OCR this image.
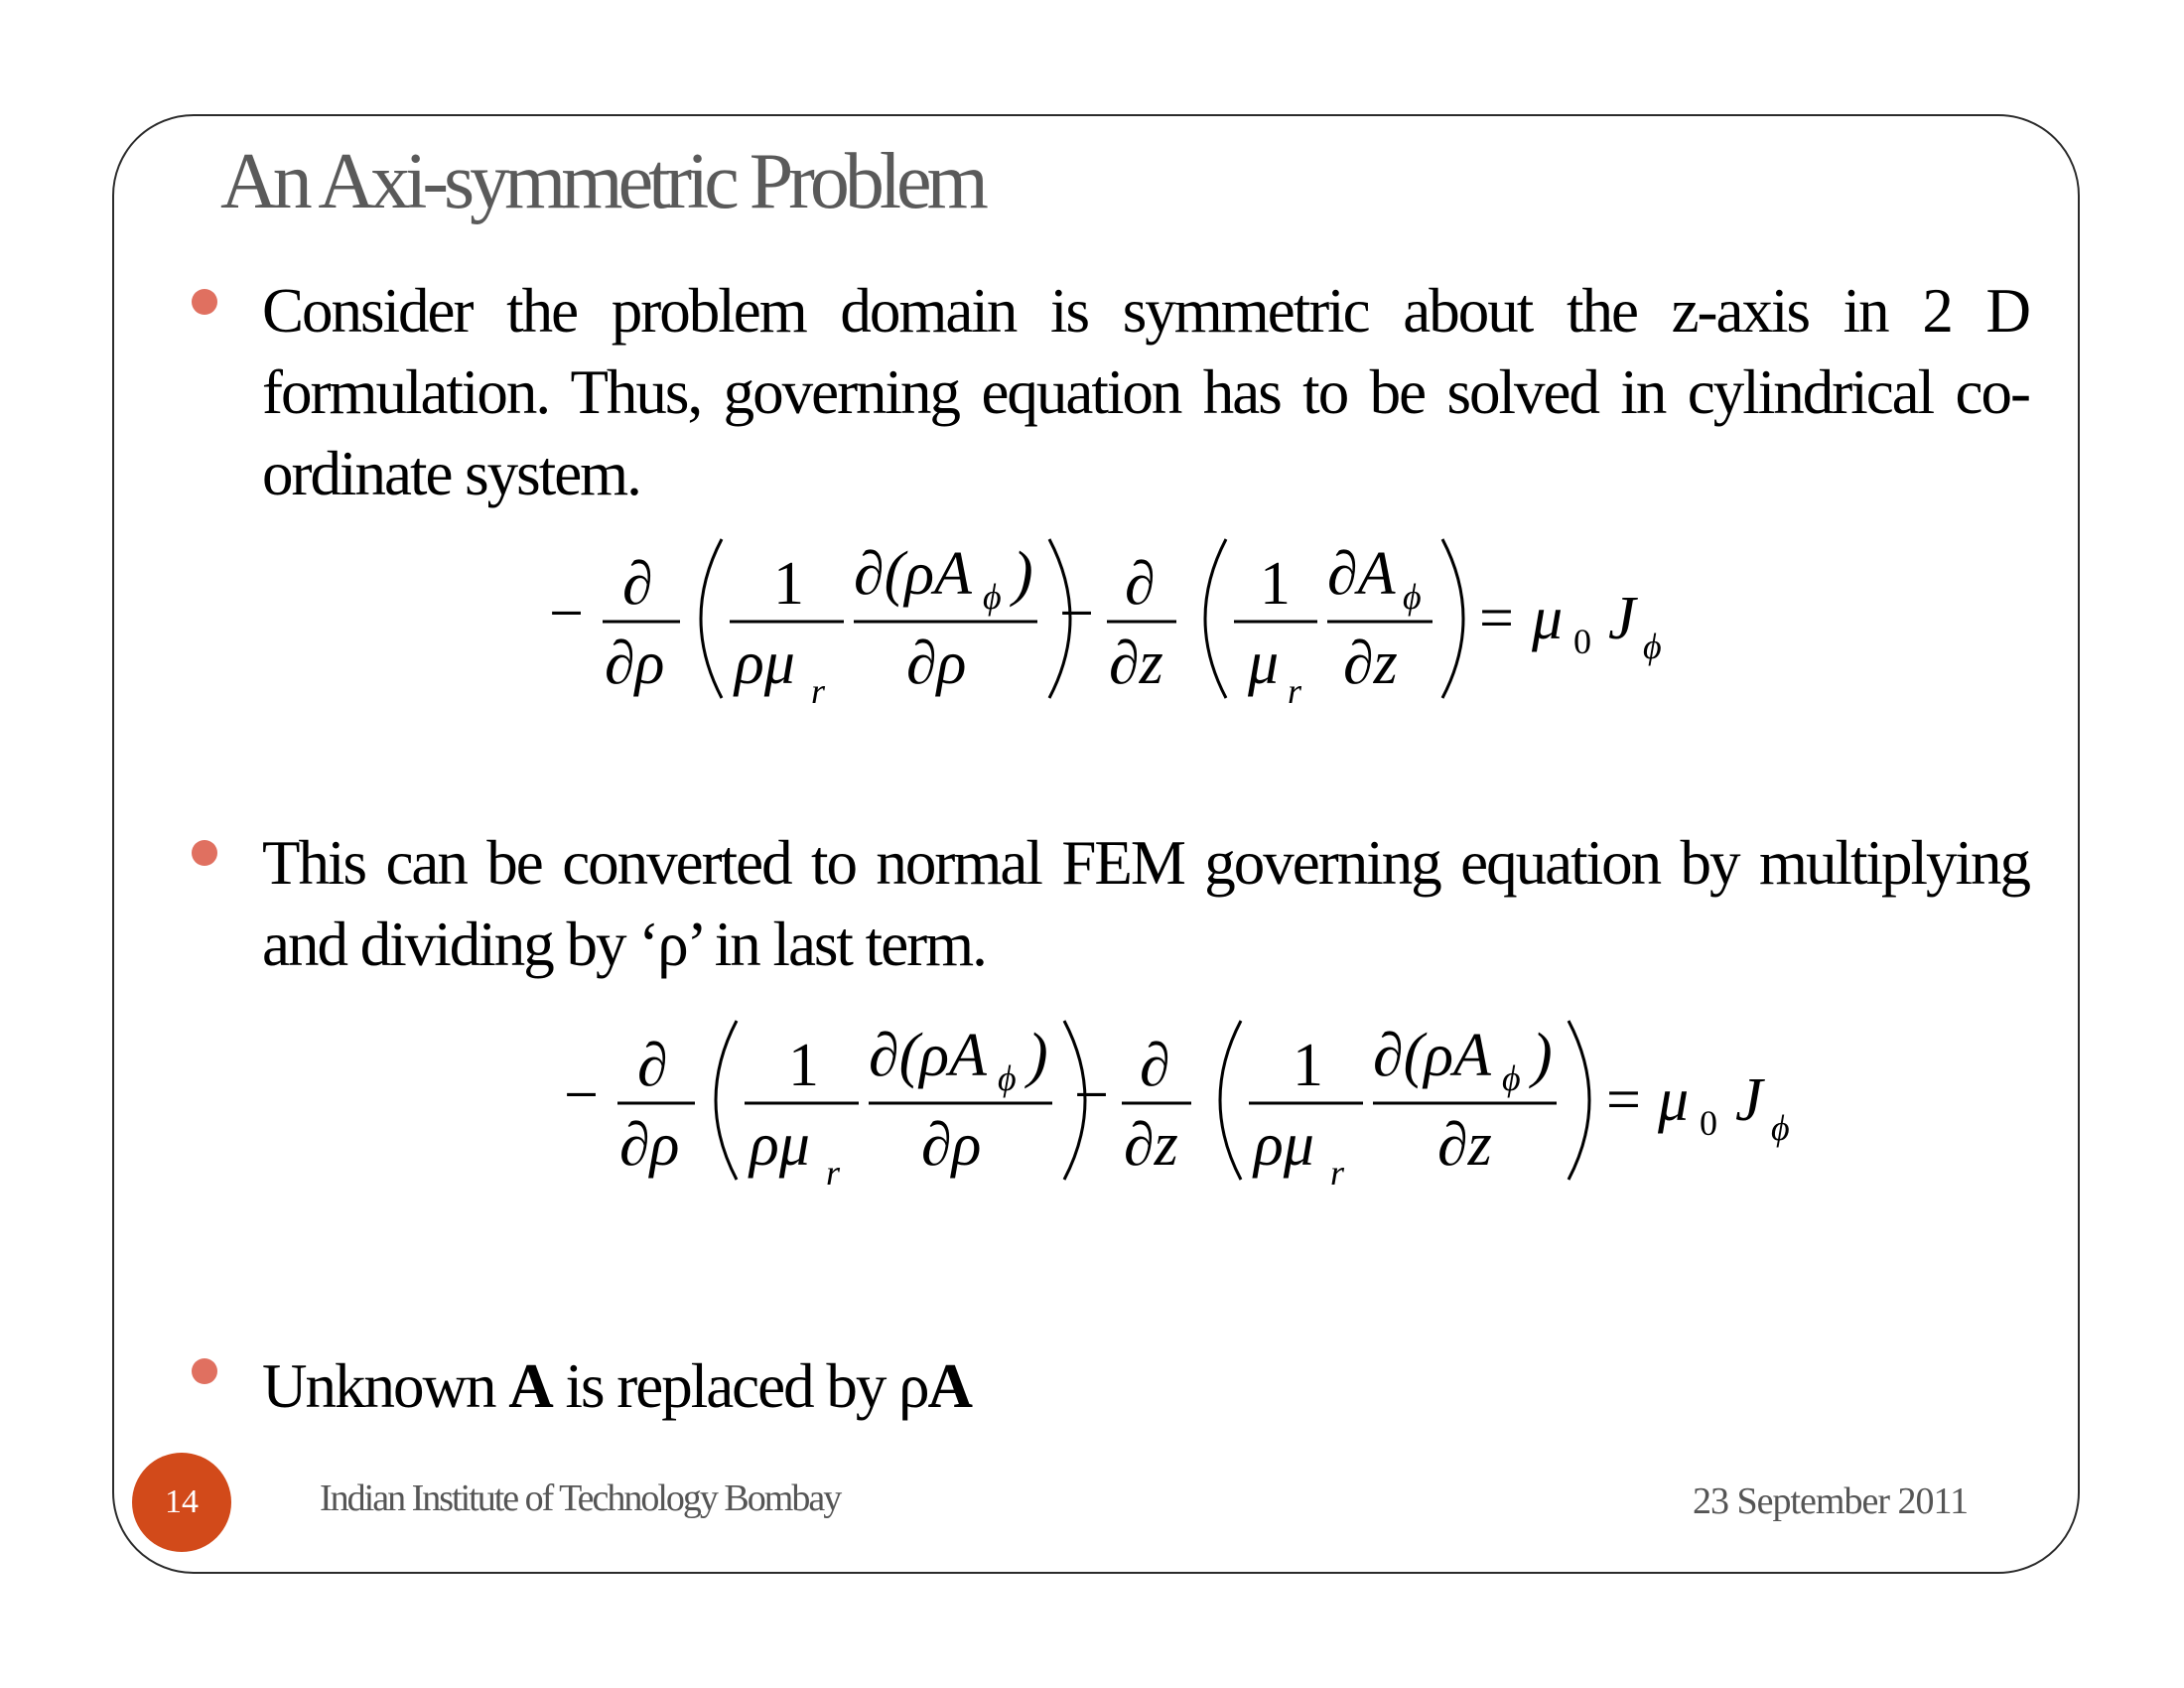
An Axi-symmetric Problem
Consider the problem domain is symmetric about the z-axis in 2 D formulation. Thus, governing equation has to be solved in cylindrical co-ordinate system.
− ∂
∂ρ
1
ρμ r
∂(ρA ϕ )
∂ρ
− ∂
∂z
1
μ r
∂A ϕ
∂z
= μ 0 J ϕ
This can be converted to normal FEM governing equation by multiplying and dividing by ‘ρ’ in last term.
− ∂
∂ρ
1
ρμ r
∂(ρA ϕ )
∂ρ
− ∂
∂z
1
ρμ r
∂(ρA ϕ )
∂z
= μ 0 J ϕ
Unknown A is replaced by ρA
14	Indian Institute of Technology Bombay	23 September 2011
